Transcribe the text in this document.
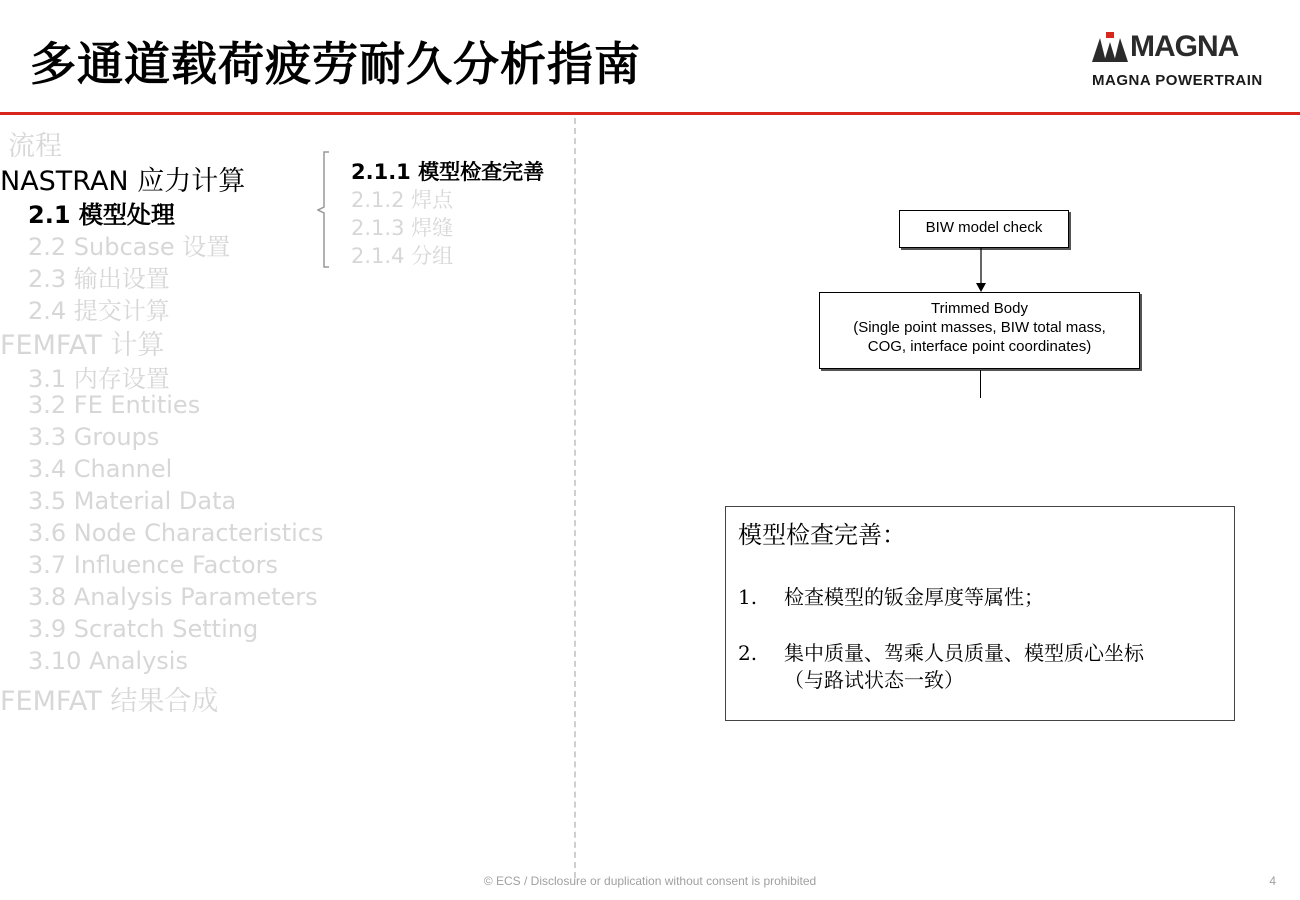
多通道载荷疲劳耐久分析指南	MAGNA
MAGNA POWERTRAIN
流程
NASTRAN 应力计算
2.1 模型处理
2.2 Subcase 设置
2.3 输出设置
2.4 提交计算
FEMFAT 计算
3.1 内存设置
3.2 FE Entities
3.3 Groups
3.4 Channel
3.5 Material Data
3.6 Node Characteristics
3.7 Influence Factors
3.8 Analysis Parameters
3.9 Scratch Setting
3.10 Analysis
FEMFAT 结果合成
2.1.1 模型检查完善
2.1.2 焊点
2.1.3 焊缝
2.1.4 分组
BIW model check
Trimmed Body
(Single point masses, BIW total mass,
COG, interface point coordinates)
模型检查完善：
1. 检查模型的钣金厚度等属性；
2. 集中质量、驾乘人员质量、模型质心坐标
（与路试状态一致）
© ECS / Disclosure or duplication without consent is prohibited	4
